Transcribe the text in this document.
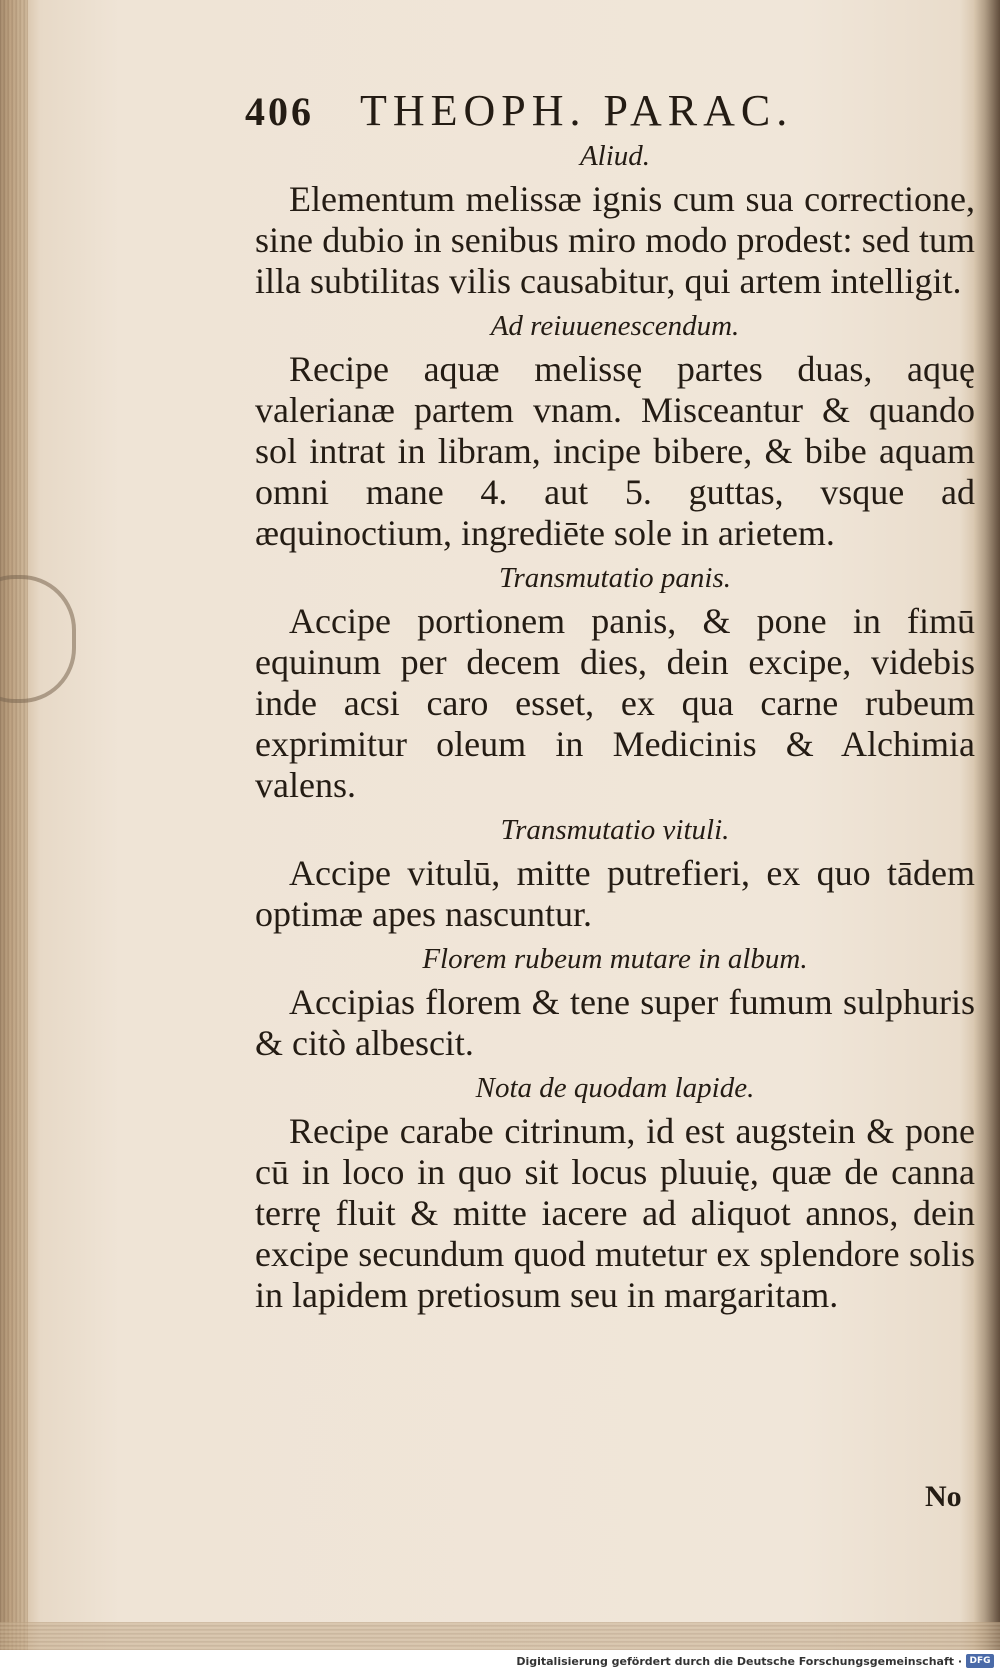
406 THEOPH. PARAC.
Aliud.

Elementum melissæ ignis cum sua correctione, sine dubio in senibus miro modo prodest: sed tum illa subtilitas vilis causabitur, qui artem intelligit.

Ad reiuuenescendum.

Recipe aquæ melissę partes duas, aquę valerianæ partem vnam. Misceantur & quando sol intrat in libram, incipe bibere, & bibe aquam omni mane 4. aut 5. guttas, vsque ad æquinoctium, ingrediēte sole in arietem.

Transmutatio panis.

Accipe portionem panis, & pone in fimū equinum per decem dies, dein excipe, videbis inde acsi caro esset, ex qua carne rubeum exprimitur oleum in Medicinis & Alchimia valens.

Transmutatio vituli.

Accipe vitulū, mitte putrefieri, ex quo tādem optimæ apes nascuntur.

Florem rubeum mutare in album.

Accipias florem & tene super fumum sulphuris & citò albescit.

Nota de quodam lapide.

Recipe carabe citrinum, id est augstein & pone cū in loco in quo sit locus pluuię, quæ de canna terrę fluit & mitte iacere ad aliquot annos, dein excipe secundum quod mutetur ex splendore solis in lapidem pretiosum seu in margaritam.

No
Digitalisierung gefördert durch die Deutsche Forschungsgemeinschaft · DFG
